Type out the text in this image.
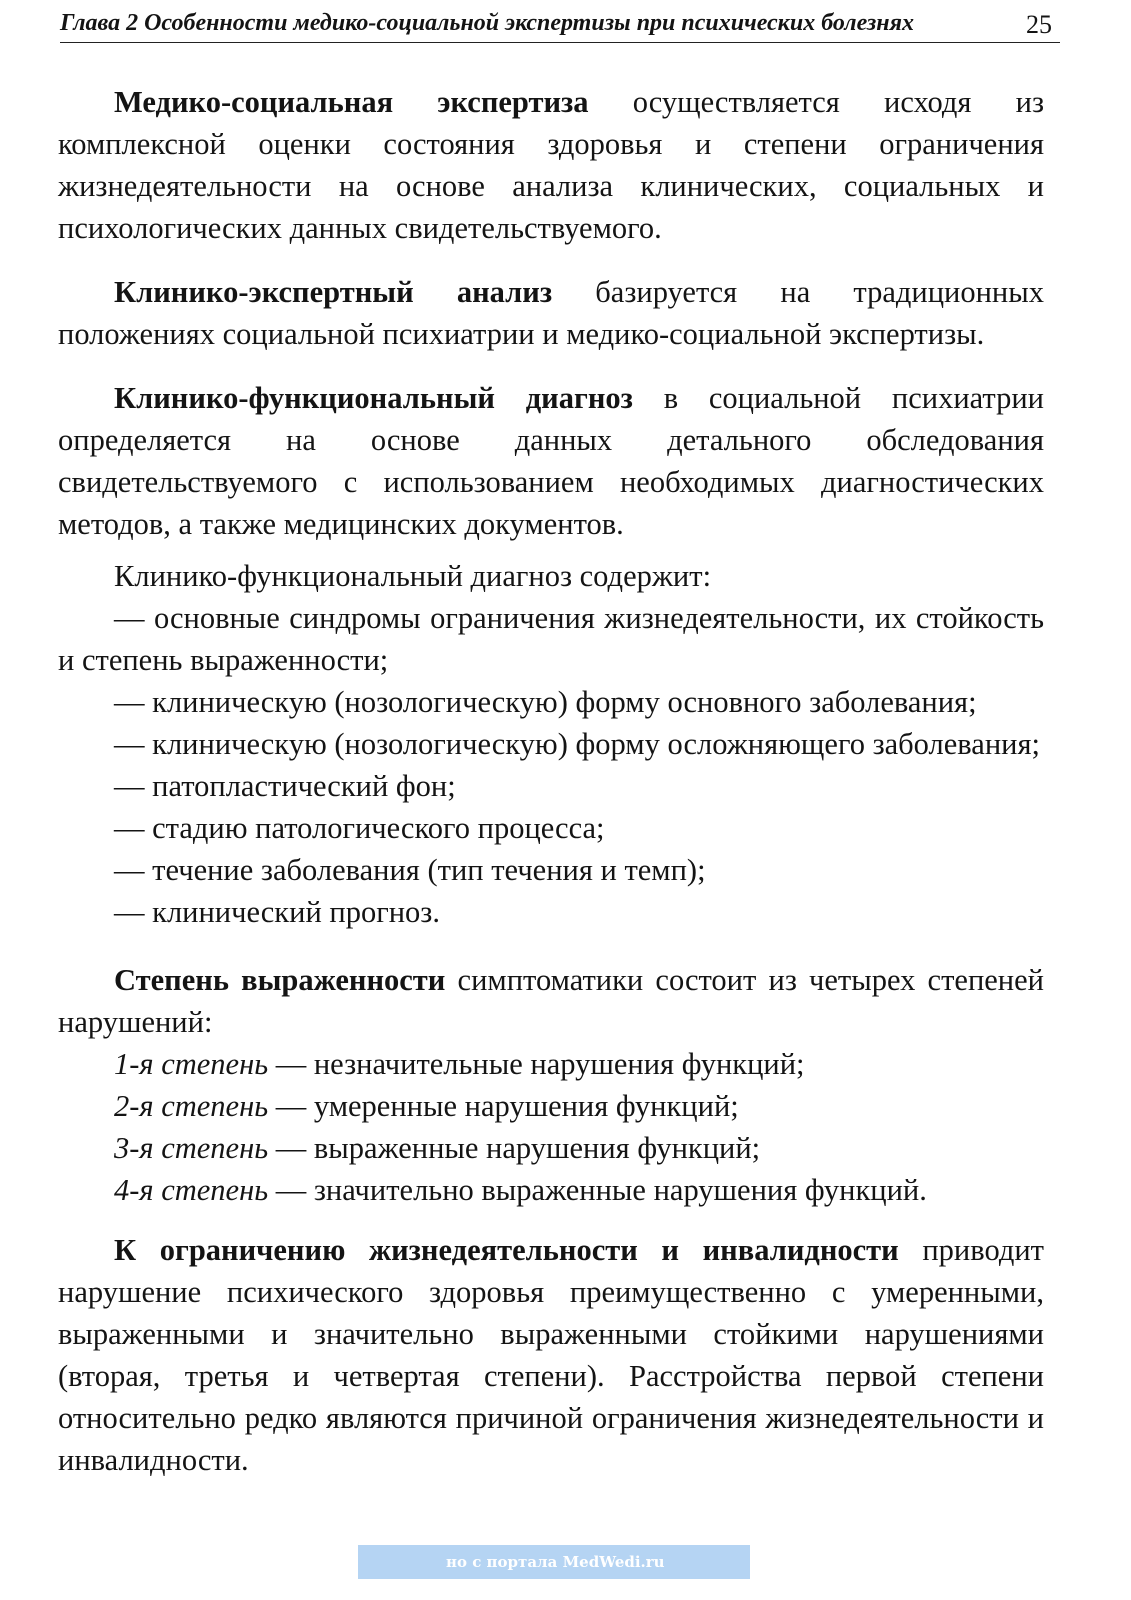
Глава 2 Особенности медико-социальной экспертизы при психических болезнях	25

Медико-социальная экспертиза осуществляется исходя из комплексной оценки состояния здоровья и степени ограничения жизнедеятельности на основе анализа клинических, социальных и психологических данных свидетельствуемого.

Клинико-экспертный анализ базируется на традиционных положениях социальной психиатрии и медико-социальной экспертизы.

Клинико-функциональный диагноз в социальной психиатрии определяется на основе данных детального обследования свидетельствуемого с использованием необходимых диагностических методов, а также медицинских документов.

Клинико-функциональный диагноз содержит:

— основные синдромы ограничения жизнедеятельности, их стойкость и степень выраженности;

— клиническую (нозологическую) форму основного заболевания;

— клиническую (нозологическую) форму осложняющего заболевания;

— патопластический фон;

— стадию патологического процесса;

— течение заболевания (тип течения и темп);

— клинический прогноз.

Степень выраженности симптоматики состоит из четырех степеней нарушений:

1-я степень — незначительные нарушения функций;

2-я степень — умеренные нарушения функций;

3-я степень — выраженные нарушения функций;

4-я степень — значительно выраженные нарушения функций.

К ограничению жизнедеятельности и инвалидности приводит нарушение психического здоровья преимущественно с умеренными, выраженными и значительно выраженными стойкими нарушениями (вторая, третья и четвертая степени). Расстройства первой степени относительно редко являются причиной ограничения жизнедеятельности и инвалидности.

но с портала MedWedi.ru
